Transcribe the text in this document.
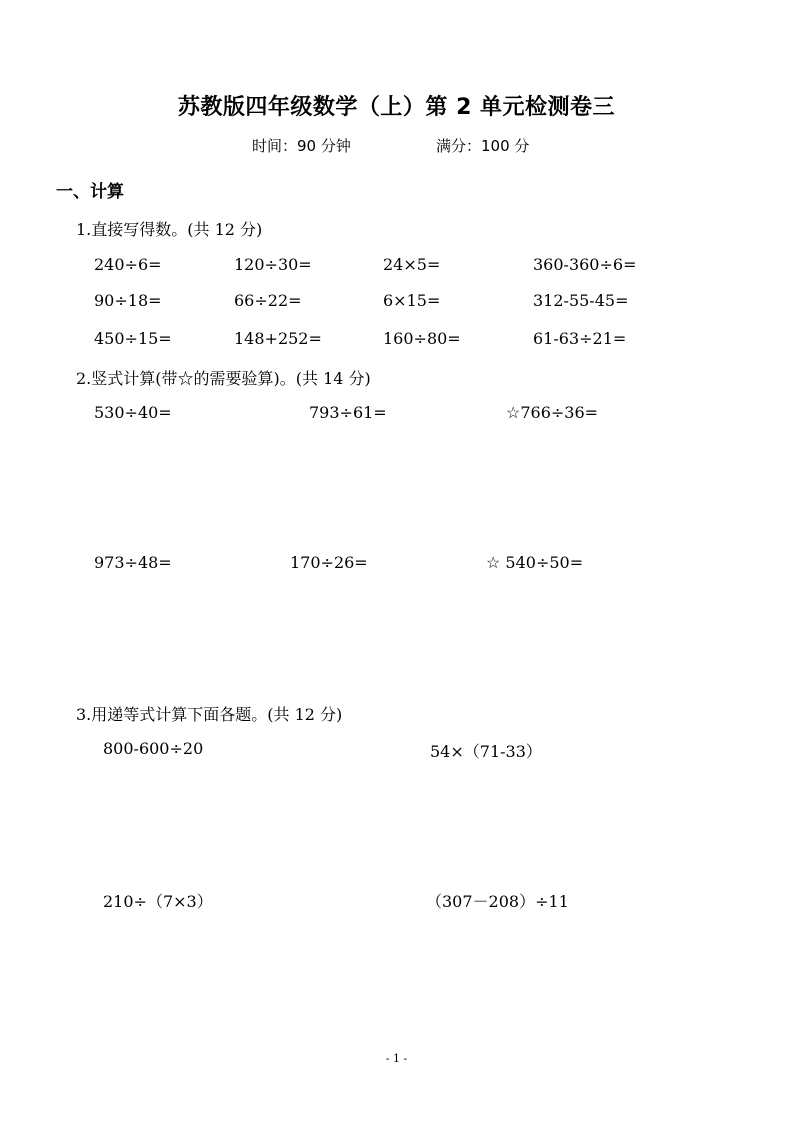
苏教版四年级数学（上）第 2 单元检测卷三
时间：90 分钟	满分：100 分
一、计算
1.直接写得数。(共 12 分)
240÷6=	120÷30=	24×5=	360-360÷6=
90÷18=	66÷22=	6×15=	312-55-45=
450÷15=	148+252=	160÷80=	61-63÷21=
2.竖式计算(带☆的需要验算)。(共 14 分)
530÷40=	793÷61=	☆766÷36=
973÷48=	170÷26=	☆ 540÷50=
3.用递等式计算下面各题。(共 12 分)
800-600÷20	54×（71-33）
210÷（7×3）	（307－208）÷11
- 1 -
